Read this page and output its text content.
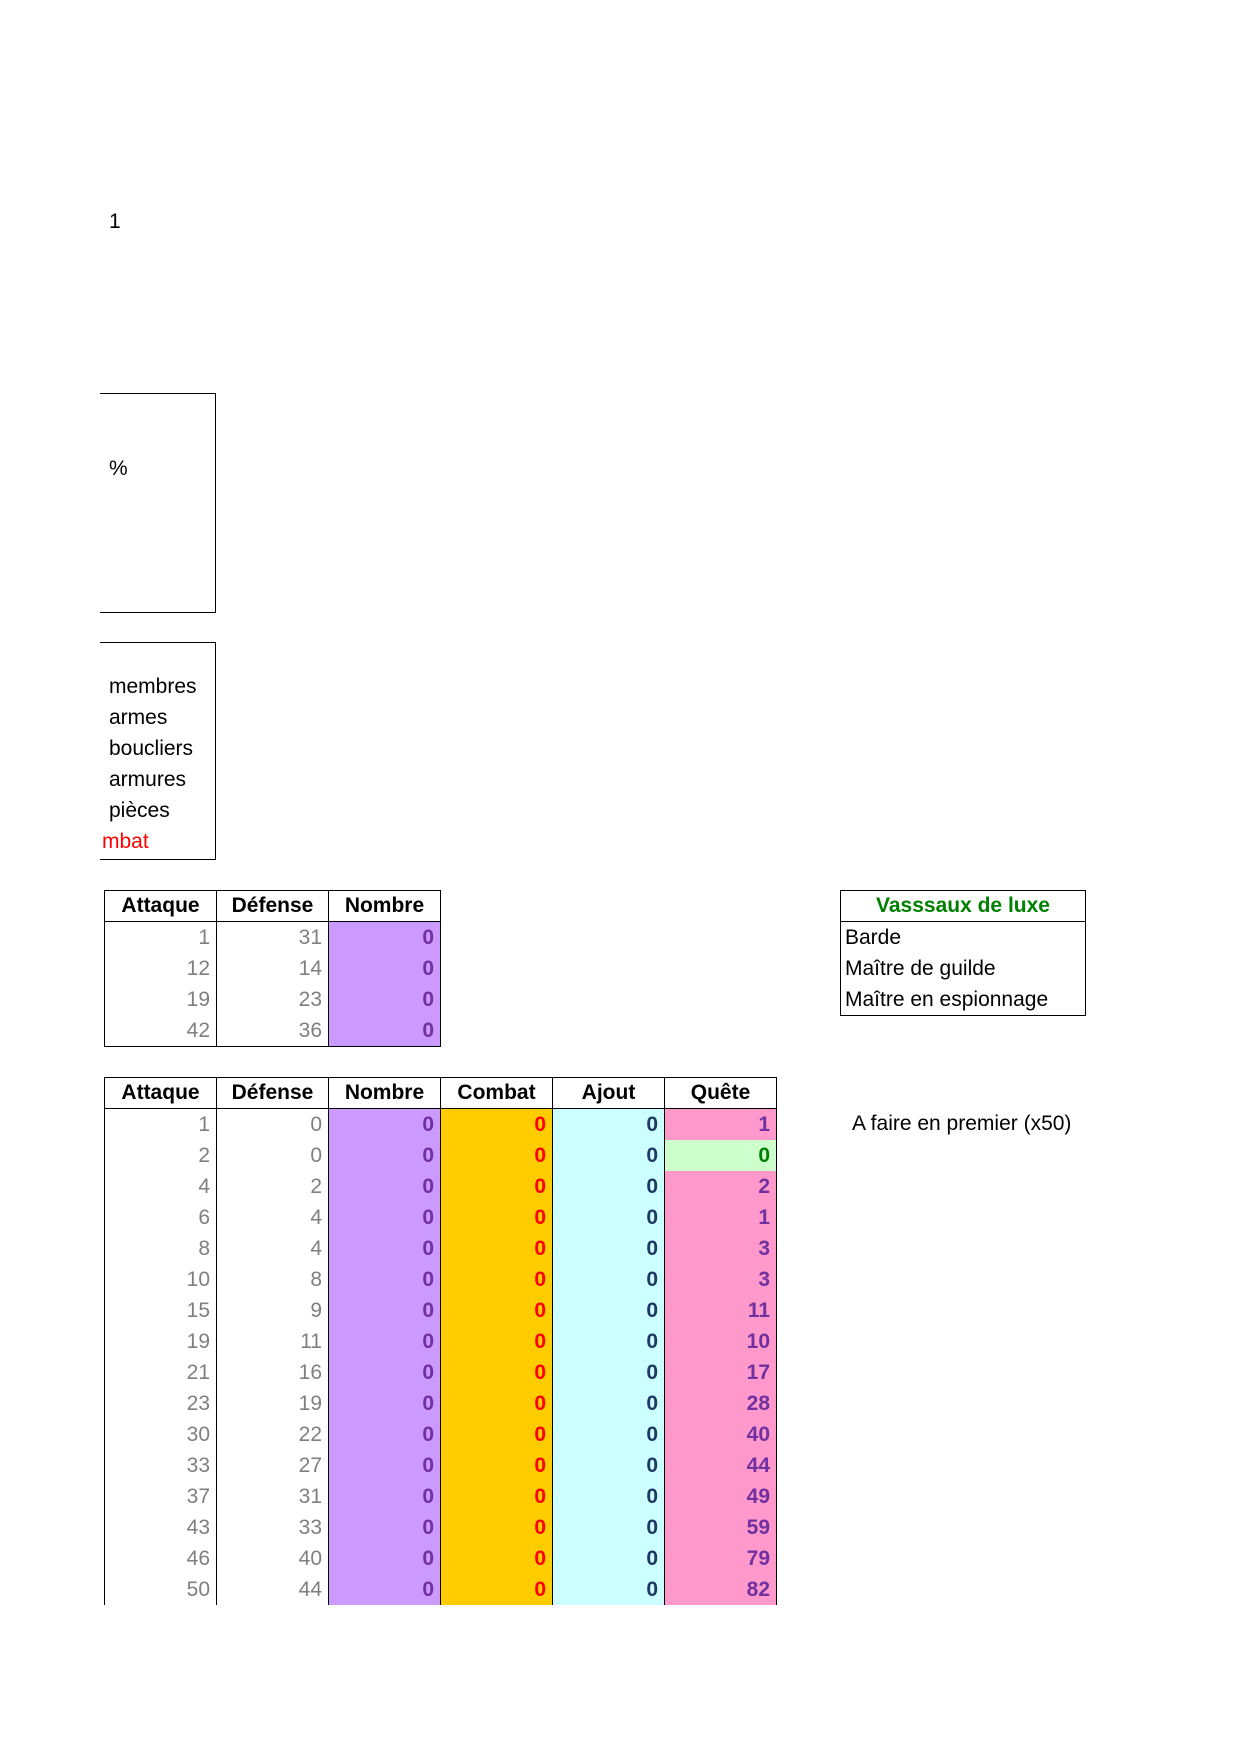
1
%
membres
armes
boucliers
armures
pièces
mbat
Attaque	Défense	Nombre
1	31	0
12	14	0
19	23	0
42	36	0
Vasssaux de luxe
Barde
Maître de guilde
Maître en espionnage
Attaque	Défense	Nombre	Combat	Ajout	Quête
1	0	0	0	0	1
2	0	0	0	0	0
4	2	0	0	0	2
6	4	0	0	0	1
8	4	0	0	0	3
10	8	0	0	0	3
15	9	0	0	0	11
19	11	0	0	0	10
21	16	0	0	0	17
23	19	0	0	0	28
30	22	0	0	0	40
33	27	0	0	0	44
37	31	0	0	0	49
43	33	0	0	0	59
46	40	0	0	0	79
50	44	0	0	0	82
A faire en premier (x50)
